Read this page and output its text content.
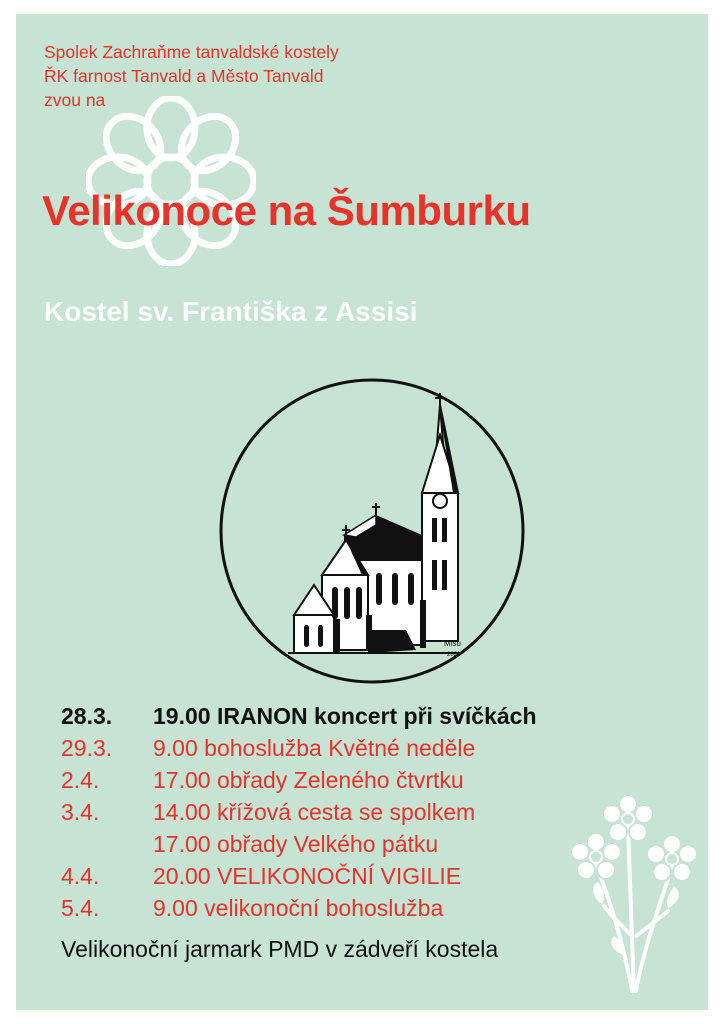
Spolek Zachraňme tanvaldské kostely
ŘK farnost Tanvald a Město Tanvald
zvou na
Velikonoce na Šumburku
Kostel sv. Františka z Assisi
Mišu
2021
28.3. 19.00 IRANON koncert při svíčkách
29.3. 9.00 bohoslužba Květné neděle
2.4. 17.00 obřady Zeleného čtvrtku
3.4. 14.00 křížová cesta se spolkem
17.00 obřady Velkého pátku
4.4. 20.00 VELIKONOČNÍ VIGILIE
5.4. 9.00 velikonoční bohoslužba
Velikonoční jarmark PMD v zádveří kostela
